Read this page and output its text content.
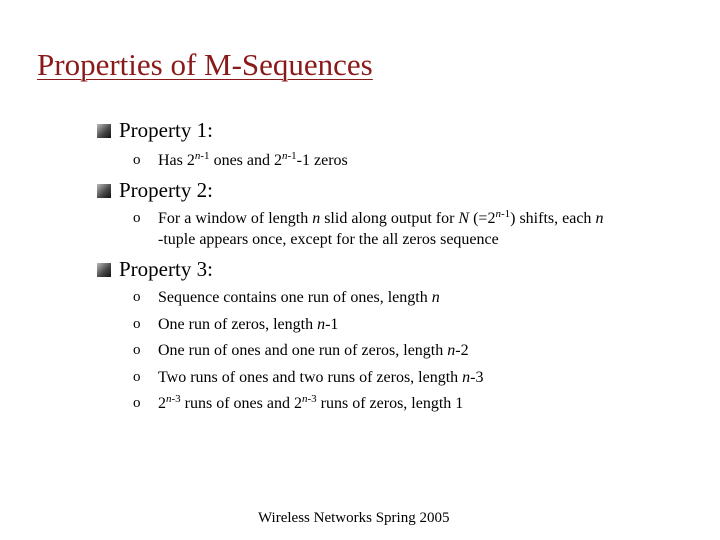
Properties of M-Sequences
Property 1:
o Has 2$^{n-1}$ ones and 2$^{n-1}$-1 zeros
Property 2:
o For a window of length n slid along output for N $(=2^{n-1})$ shifts, each n
-tuple appears once, except for the all zeros sequence
Property 3:
o Sequence contains one run of ones, length n
o One run of zeros, length n-1
o One run of ones and one run of zeros, length n-2
o Two runs of ones and two runs of zeros, length n-3
o 2$^{n-3}$ runs of ones and 2$^{n-3}$ runs of zeros, length 1
Wireless Networks Spring 2005
